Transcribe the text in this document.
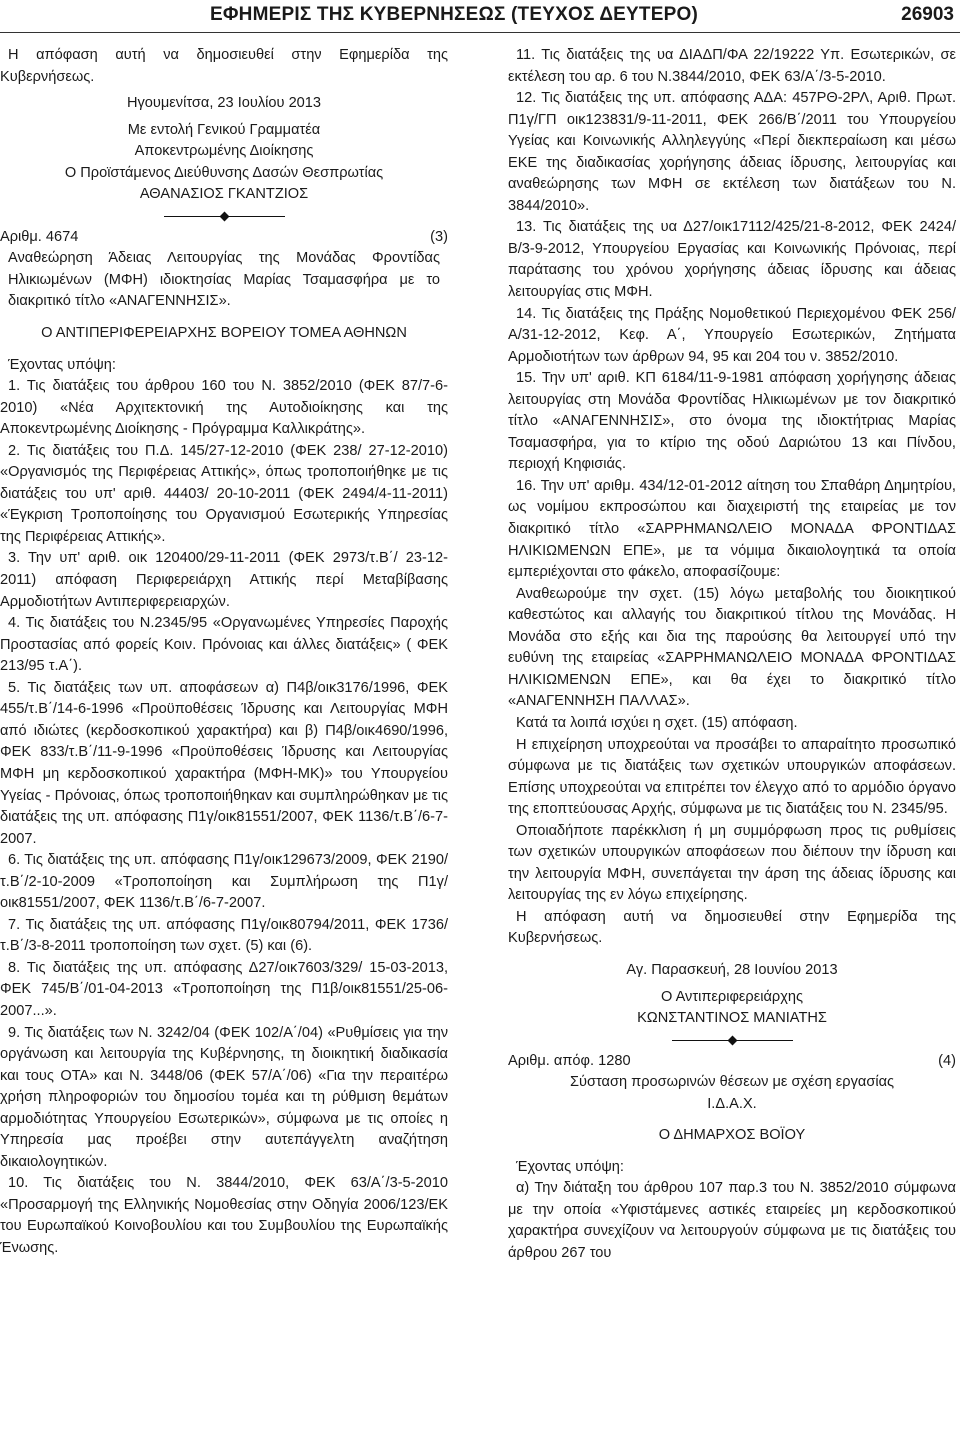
ΕΦΗΜΕΡΙΣ ΤΗΣ ΚΥΒΕΡΝΗΣΕΩΣ (ΤΕΥΧΟΣ ΔΕΥΤΕΡΟ)	26903

Η απόφαση αυτή να δημοσιευθεί στην Εφημερίδα της Κυβερνήσεως.

Ηγουμενίτσα, 23 Ιουλίου 2013

Με εντολή Γενικού Γραμματέα

Αποκεντρωμένης Διοίκησης

Ο Προϊστάμενος Διεύθυνσης Δασών Θεσπρωτίας

ΑΘΑΝΑΣΙΟΣ ΓΚΑΝΤΖΙΟΣ

Αριθμ. 4674	(3)

Αναθεώρηση Άδειας Λειτουργίας της Μονάδας Φροντίδας Ηλικιωμένων (ΜΦΗ) ιδιοκτησίας Μαρίας Τσαμασφήρα με το διακριτικό τίτλο «ΑΝΑΓΕΝΝΗΣΙΣ».

Ο ΑΝΤΙΠΕΡΙΦΕΡΕΙΑΡΧΗΣ ΒΟΡΕΙΟΥ ΤΟΜΕΑ ΑΘΗΝΩΝ

Έχοντας υπόψη:

1. Τις διατάξεις του άρθρου 160 του Ν. 3852/2010 (ΦΕΚ 87/7-6-2010) «Νέα Αρχιτεκτονική της Αυτοδιοίκησης και της Αποκεντρωμένης Διοίκησης - Πρόγραμμα Καλλικράτης».

2. Τις διατάξεις του Π.Δ. 145/27-12-2010 (ΦΕΚ 238/ 27-12-2010) «Οργανισμός της Περιφέρειας Αττικής», όπως τροποποιήθηκε με τις διατάξεις του υπ' αριθ. 44403/ 20-10-2011 (ΦΕΚ 2494/4-11-2011) «Έγκριση Τροποποίησης του Οργανισμού Εσωτερικής Υπηρεσίας της Περιφέρειας Αττικής».

3. Την υπ' αριθ. οικ 120400/29-11-2011 (ΦΕΚ 2973/τ.Β΄/ 23-12-2011) απόφαση Περιφερειάρχη Αττικής περί Μεταβίβασης Αρμοδιοτήτων Αντιπεριφερειαρχών.

4. Τις διατάξεις του Ν.2345/95 «Οργανωμένες Υπηρεσίες Παροχής Προστασίας από φορείς Κοιν. Πρόνοιας και άλλες διατάξεις» ( ΦΕΚ 213/95 τ.Α΄).

5. Τις διατάξεις των υπ. αποφάσεων α) Π4β/οικ3176/1996, ΦΕΚ 455/τ.Β΄/14-6-1996 «Προϋποθέσεις Ίδρυσης και Λειτουργίας ΜΦΗ από ιδιώτες (κερδοσκοπικού χαρακτήρα) και β) Π4β/οικ4690/1996, ΦΕΚ 833/τ.Β΄/11-9-1996 «Προϋποθέσεις Ίδρυσης και Λειτουργίας ΜΦΗ μη κερδοσκοπικού χαρακτήρα (ΜΦΗ-ΜΚ)» του Υπουργείου Υγείας - Πρόνοιας, όπως τροποποιήθηκαν και συμπληρώθηκαν με τις διατάξεις της υπ. απόφασης Π1γ/οικ81551/2007, ΦΕΚ 1136/τ.Β΄/6-7-2007.

6. Τις διατάξεις της υπ. απόφασης Π1γ/οικ129673/2009, ΦΕΚ 2190/τ.Β΄/2-10-2009 «Τροποποίηση και Συμπλήρωση της Π1γ/οικ81551/2007, ΦΕΚ 1136/τ.Β΄/6-7-2007.

7. Τις διατάξεις της υπ. απόφασης Π1γ/οικ80794/2011, ΦΕΚ 1736/τ.Β΄/3-8-2011 τροποποίηση των σχετ. (5) και (6).

8. Τις διατάξεις της υπ. απόφασης Δ27/οικ7603/329/ 15-03-2013, ΦΕΚ 745/Β΄/01-04-2013 «Τροποποίηση της Π1β/οικ81551/25-06-2007...».

9. Τις διατάξεις των Ν. 3242/04 (ΦΕΚ 102/Α΄/04) «Ρυθμίσεις για την οργάνωση και λειτουργία της Κυβέρνησης, τη διοικητική διαδικασία και τους ΟΤΑ» και Ν. 3448/06 (ΦΕΚ 57/Α΄/06) «Για την περαιτέρω χρήση πληροφοριών του δημοσίου τομέα και τη ρύθμιση θεμάτων αρμοδιότητας Υπουργείου Εσωτερικών», σύμφωνα με τις οποίες η Υπηρεσία μας προέβει στην αυτεπάγγελτη αναζήτηση δικαιολογητικών.

10. Τις διατάξεις του Ν. 3844/2010, ΦΕΚ 63/Α΄/3-5-2010 «Προσαρμογή της Ελληνικής Νομοθεσίας στην Οδηγία 2006/123/ΕΚ του Ευρωπαϊκού Κοινοβουλίου και του Συμβουλίου της Ευρωπαϊκής Ένωσης.

11. Τις διατάξεις της υα ΔΙΑΔΠ/ΦΑ 22/19222 Υπ. Εσωτερικών, σε εκτέλεση του αρ. 6 του Ν.3844/2010, ΦΕΚ 63/Α΄/3-5-2010.

12. Τις διατάξεις της υπ. απόφασης ΑΔΑ: 457ΡΘ-2ΡΛ, Αριθ. Πρωτ. Π1γ/ΓΠ οικ123831/9-11-2011, ΦΕΚ 266/Β΄/2011 του Υπουργείου Υγείας και Κοινωνικής Αλληλεγγύης «Περί διεκπεραίωση και μέσω ΕΚΕ της διαδικασίας χορήγησης άδειας ίδρυσης, λειτουργίας και αναθεώρησης των ΜΦΗ σε εκτέλεση των διατάξεων του Ν. 3844/2010».

13. Τις διατάξεις της υα Δ27/οικ17112/425/21-8-2012, ΦΕΚ 2424/Β/3-9-2012, Υπουργείου Εργασίας και Κοινωνικής Πρόνοιας, περί παράτασης του χρόνου χορήγησης άδειας ίδρυσης και άδειας λειτουργίας στις ΜΦΗ.

14. Τις διατάξεις της Πράξης Νομοθετικού Περιεχομένου ΦΕΚ 256/Α/31-12-2012, Κεφ. Α΄, Υπουργείο Εσωτερικών, Ζητήματα Αρμοδιοτήτων των άρθρων 94, 95 και 204 του ν. 3852/2010.

15. Την υπ' αριθ. ΚΠ 6184/11-9-1981 απόφαση χορήγησης άδειας λειτουργίας στη Μονάδα Φροντίδας Ηλικιωμένων με τον διακριτικό τίτλο «ΑΝΑΓΕΝΝΗΣΙΣ», στο όνομα της ιδιοκτήτριας Μαρίας Τσαμασφήρα, για το κτίριο της οδού Δαριώτου 13 και Πίνδου, περιοχή Κηφισιάς.

16. Την υπ' αριθμ. 434/12-01-2012 αίτηση του Σπαθάρη Δημητρίου, ως νομίμου εκπροσώπου και διαχειριστή της εταιρείας με τον διακριτικό τίτλο «ΣΑΡΡΗΜΑΝΩΛΕΙΟ ΜΟΝΑΔΑ ΦΡΟΝΤΙΔΑΣ ΗΛΙΚΙΩΜΕΝΩΝ ΕΠΕ», με τα νόμιμα δικαιολογητικά τα οποία εμπεριέχονται στο φάκελο, αποφασίζουμε:

Αναθεωρούμε την σχετ. (15) λόγω μεταβολής του διοικητικού καθεστώτος και αλλαγής του διακριτικού τίτλου της Μονάδας. Η Μονάδα στο εξής και δια της παρούσης θα λειτουργεί υπό την ευθύνη της εταιρείας «ΣΑΡΡΗΜΑΝΩΛΕΙΟ ΜΟΝΑΔΑ ΦΡΟΝΤΙΔΑΣ ΗΛΙΚΙΩΜΕΝΩΝ ΕΠΕ», και θα έχει το διακριτικό τίτλο «ΑΝΑΓΕΝΝΗΣΗ ΠΑΛΛΑΣ».

Κατά τα λοιπά ισχύει η σχετ. (15) απόφαση.

Η επιχείρηση υποχρεούται να προσάβει το απαραίτητο προσωπικό σύμφωνα με τις διατάξεις των σχετικών υπουργικών αποφάσεων. Επίσης υποχρεούται να επιτρέπει τον έλεγχο από το αρμόδιο όργανο της εποπτεύουσας Αρχής, σύμφωνα με τις διατάξεις του Ν. 2345/95.

Οποιαδήποτε παρέκκλιση ή μη συμμόρφωση προς τις ρυθμίσεις των σχετικών υπουργικών αποφάσεων που διέπουν την ίδρυση και την λειτουργία ΜΦΗ, συνεπάγεται την άρση της άδειας ίδρυσης και λειτουργίας της εν λόγω επιχείρησης.

Η απόφαση αυτή να δημοσιευθεί στην Εφημερίδα της Κυβερνήσεως.

Αγ. Παρασκευή, 28 Ιουνίου 2013

Ο Αντιπεριφερειάρχης

ΚΩΝΣΤΑΝΤΙΝΟΣ ΜΑΝΙΑΤΗΣ

Αριθμ. απόφ. 1280	(4)

Σύσταση προσωρινών θέσεων με σχέση εργασίας Ι.Δ.Α.Χ.

Ο ΔΗΜΑΡΧΟΣ ΒΟΪΟΥ

Έχοντας υπόψη:

α) Την διάταξη του άρθρου 107 παρ.3 του Ν. 3852/2010 σύμφωνα με την οποία «Υφιστάμενες αστικές εταιρείες μη κερδοσκοπικού χαρακτήρα συνεχίζουν να λειτουργούν σύμφωνα με τις διατάξεις του άρθρου 267 του
